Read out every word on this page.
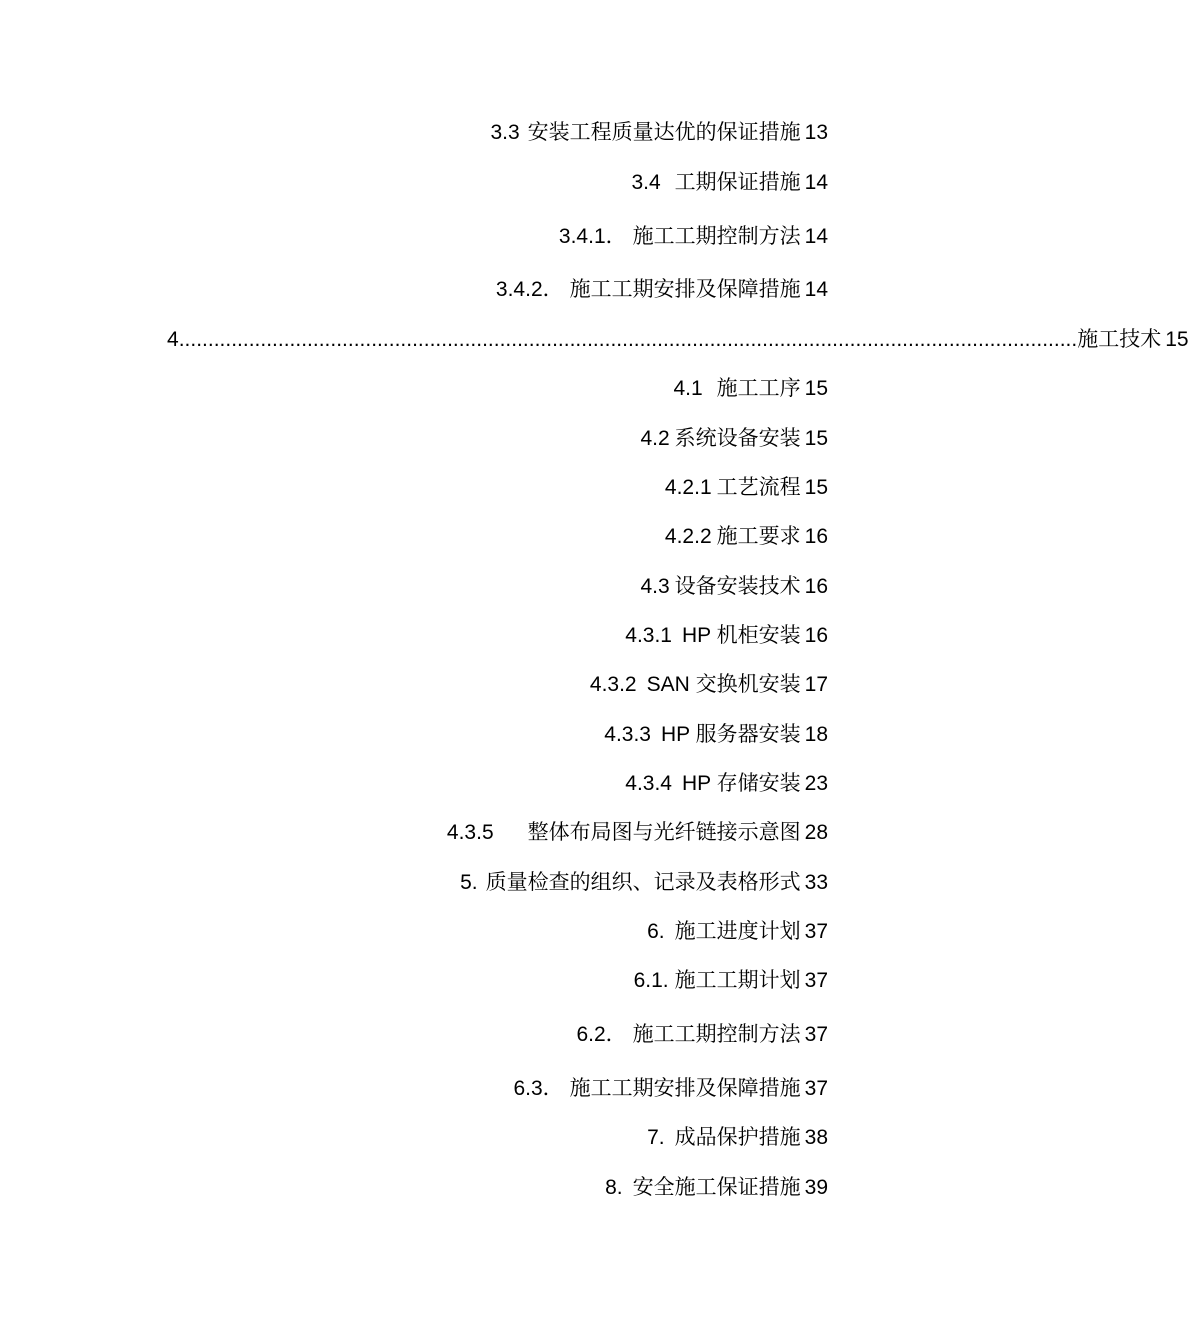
3.3 安装工程质量达优的保证措施 13
3.4 工期保证措施 14
3.4.1． 施工工期控制方法 14
3.4.2． 施工工期安排及保障措施 14
4 .......................................................................................................................................................... 施工技术 15
4.1 施工工序 15
4.2 系统设备安装 15
4.2.1 工艺流程 15
4.2.2 施工要求 16
4.3 设备安装技术 16
4.3.1 HP 机柜安装 16
4.3.2 SAN 交换机安装 17
4.3.3 HP 服务器安装 18
4.3.4 HP 存储安装 23
4.3.5 整体布局图与光纤链接示意图 28
5. 质量检查的组织、记录及表格形式 33
6. 施工进度计划 37
6.1. 施工工期计划 37
6.2． 施工工期控制方法 37
6.3． 施工工期安排及保障措施 37
7. 成品保护措施 38
8. 安全施工保证措施 39
